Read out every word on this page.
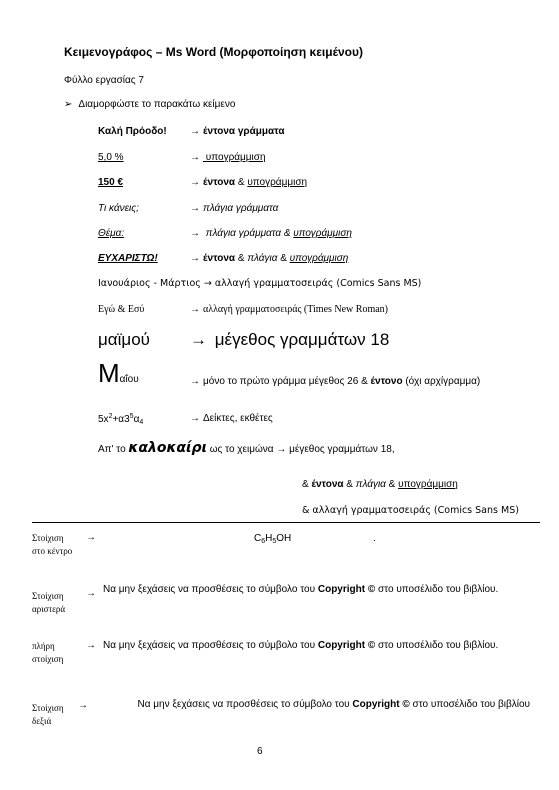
Κειμενογράφος – Ms Word (Μορφοποίηση κειμένου)
Φύλλο εργασίας 7
➢ Διαμορφώστε το παρακάτω κείμενο
Καλή Πρόοδο! → έντονα γράμματα
5,0 %	→ υπογράμμιση
150 €	→ έντονα & υπογράμμιση
Τι κάνεις;	→ πλάγια γράμματα
Θέμα:	→ πλάγια γράμματα & υπογράμμιση
ΕΥΧΑΡΙΣΤΩ!	→ έντονα & πλάγια & υπογράμμιση
Ιανουάριος - Μάρτιος → αλλαγή γραμματοσειράς (Comics Sans MS)
Εγώ & Εσύ	→ αλλαγή γραμματοσειράς (Times New Roman)
μαϊμού → μέγεθος γραμμάτων 18
Μαΐου	→ μόνο το πρώτο γράμμα μέγεθος 26 & έντονο (όχι αρχίγραμμα)
$5x^2+\alpha 3^5\alpha_4$	→ Δείκτες, εκθέτες
Απ' το καλοκαίρι ως το χειμώνα → μέγεθος γραμμάτων 18,
& έντονα & πλάγια & υπογράμμιση
& αλλαγή γραμματοσειράς (Comics Sans MS)
Στοίχιση
στο κέντρο
→	$C_6H_5OH$	.
Στοίχιση
αριστερά
→ Να μην ξεχάσεις να προσθέσεις το σύμβολο του Copyright © στο υποσέλιδο του βιβλίου.
πλήρη
στοίχιση
→ Να μην ξεχάσεις να προσθέσεις το σύμβολο του Copyright © στο υποσέλιδο του βιβλίου.
Στοίχιση
δεξιά
→	Να μην ξεχάσεις να προσθέσεις το σύμβολο του Copyright © στο υποσέλιδο του βιβλίου
6
